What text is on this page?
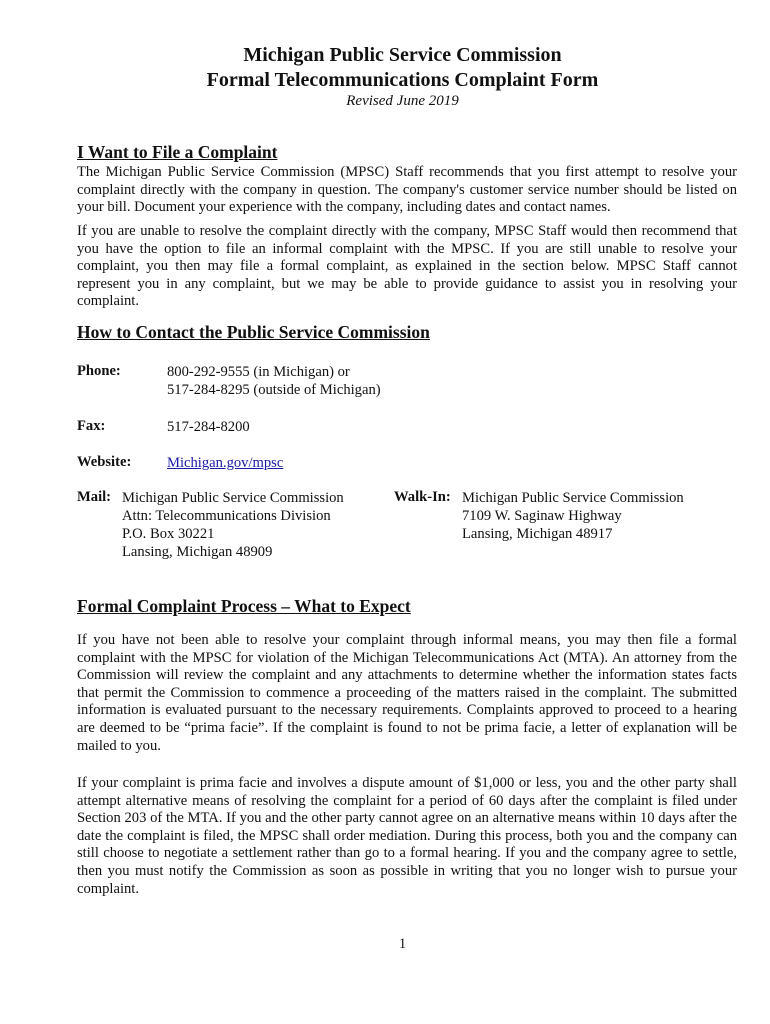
Michigan Public Service Commission
Formal Telecommunications Complaint Form
Revised June 2019
I Want to File a Complaint

The Michigan Public Service Commission (MPSC) Staff recommends that you first attempt to resolve your complaint directly with the company in question. The company's customer service number should be listed on your bill. Document your experience with the company, including dates and contact names.

If you are unable to resolve the complaint directly with the company, MPSC Staff would then recommend that you have the option to file an informal complaint with the MPSC. If you are still unable to resolve your complaint, you then may file a formal complaint, as explained in the section below. MPSC Staff cannot represent you in any complaint, but we may be able to provide guidance to assist you in resolving your complaint.

How to Contact the Public Service Commission
Phone:	800-292-9555 (in Michigan) or
517-284-8295 (outside of Michigan)
Fax:	517-284-8200
Website: Michigan.gov/mpsc
Mail: Michigan Public Service Commission
Attn: Telecommunications Division
P.O. Box 30221
Lansing, Michigan 48909
Walk-In: Michigan Public Service Commission
7109 W. Saginaw Highway
Lansing, Michigan 48917
Formal Complaint Process – What to Expect

If you have not been able to resolve your complaint through informal means, you may then file a formal complaint with the MPSC for violation of the Michigan Telecommunications Act (MTA). An attorney from the Commission will review the complaint and any attachments to determine whether the information states facts that permit the Commission to commence a proceeding of the matters raised in the complaint. The submitted information is evaluated pursuant to the necessary requirements. Complaints approved to proceed to a hearing are deemed to be “prima facie”. If the complaint is found to not be prima facie, a letter of explanation will be mailed to you.

If your complaint is prima facie and involves a dispute amount of $1,000 or less, you and the other party shall attempt alternative means of resolving the complaint for a period of 60 days after the complaint is filed under Section 203 of the MTA. If you and the other party cannot agree on an alternative means within 10 days after the date the complaint is filed, the MPSC shall order mediation. During this process, both you and the company can still choose to negotiate a settlement rather than go to a formal hearing. If you and the company agree to settle, then you must notify the Commission as soon as possible in writing that you no longer wish to pursue your complaint.

1
